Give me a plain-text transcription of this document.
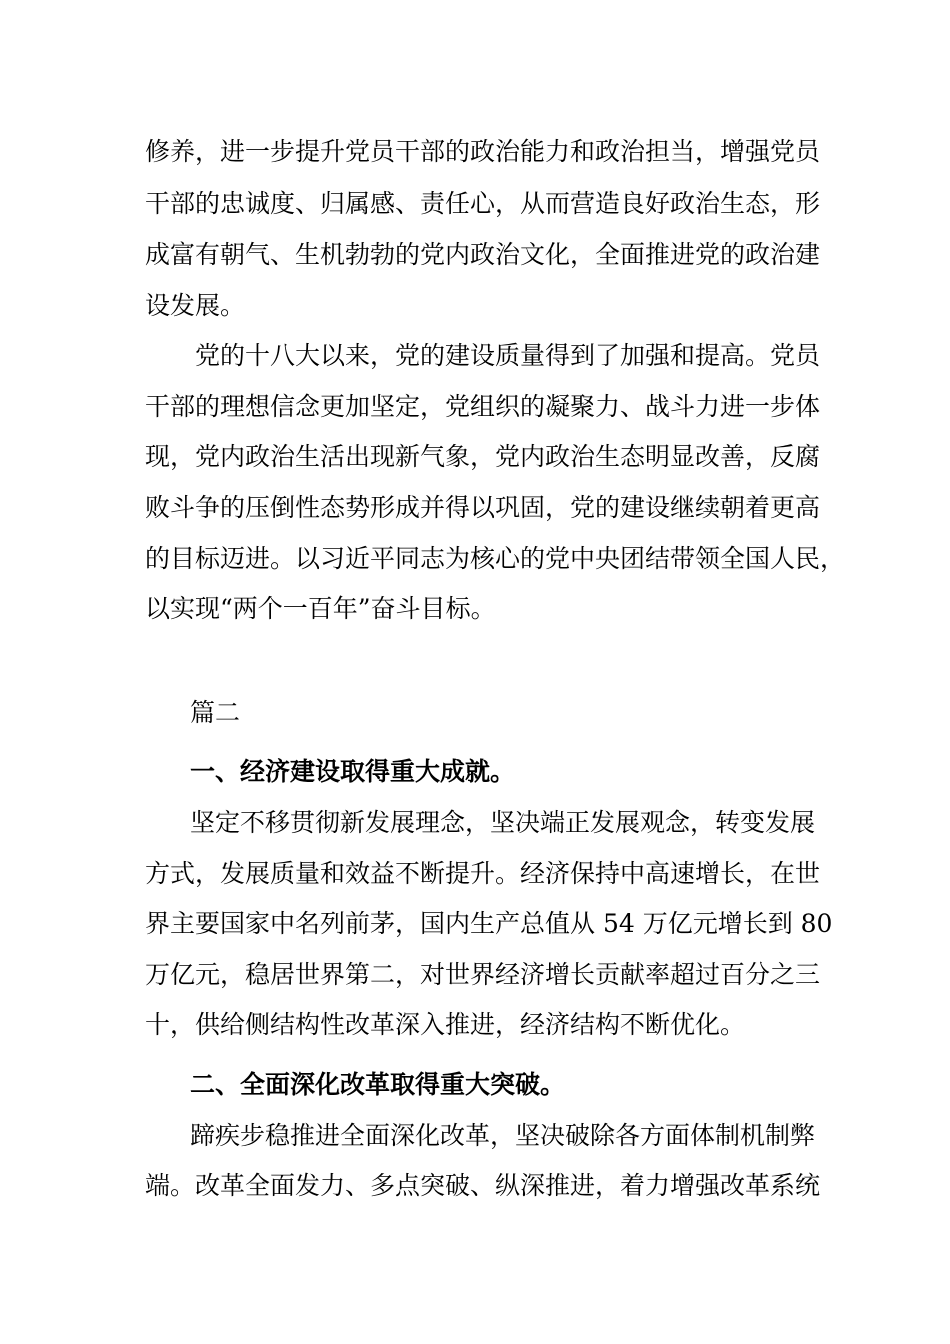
修养，进一步提升党员干部的政治能力和政治担当，增强党员
干部的忠诚度、归属感、责任心，从而营造良好政治生态，形
成富有朝气、生机勃勃的党内政治文化，全面推进党的政治建
设发展。
党的十八大以来，党的建设质量得到了加强和提高。党员
干部的理想信念更加坚定，党组织的凝聚力、战斗力进一步体
现，党内政治生活出现新气象，党内政治生态明显改善，反腐
败斗争的压倒性态势形成并得以巩固，党的建设继续朝着更高
的目标迈进。以习近平同志为核心的党中央团结带领全国人民，
以实现“两个一百年”奋斗目标。
篇二
一、经济建设取得重大成就。
坚定不移贯彻新发展理念，坚决端正发展观念，转变发展
方式，发展质量和效益不断提升。经济保持中高速增长，在世
界主要国家中名列前茅，国内生产总值从 54 万亿元增长到 80
万亿元，稳居世界第二，对世界经济增长贡献率超过百分之三
十，供给侧结构性改革深入推进，经济结构不断优化。
二、全面深化改革取得重大突破。
蹄疾步稳推进全面深化改革，坚决破除各方面体制机制弊
端。改革全面发力、多点突破、纵深推进，着力增强改革系统
